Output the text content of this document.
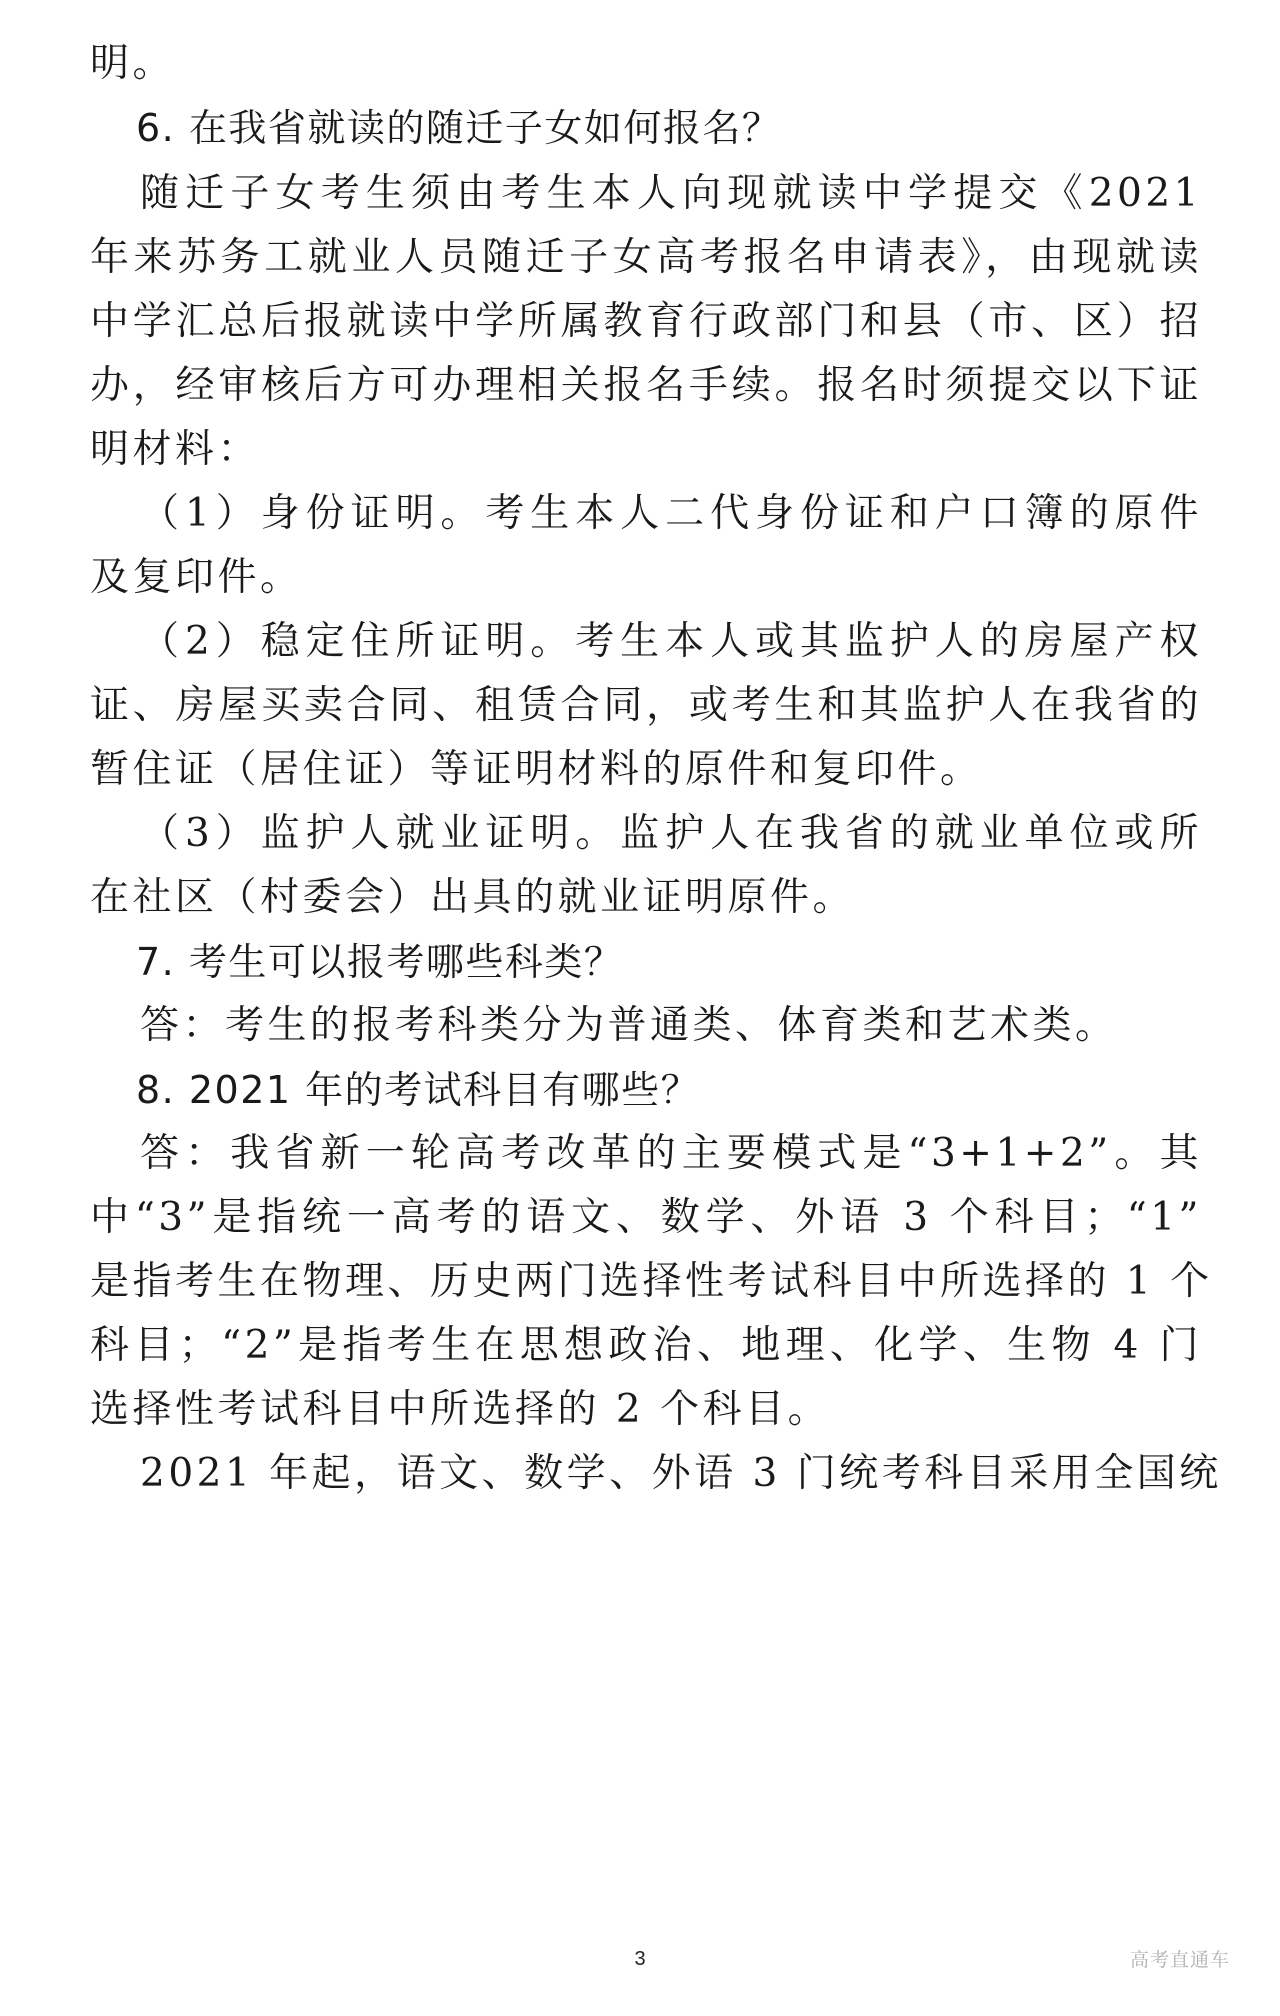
明。
6. 在我省就读的随迁子女如何报名？
随迁子女考生须由考生本人向现就读中学提交《2021
年来苏务工就业人员随迁子女高考报名申请表》，由现就读
中学汇总后报就读中学所属教育行政部门和县（市、区）招
办，经审核后方可办理相关报名手续。报名时须提交以下证
明材料：
（1）身份证明。考生本人二代身份证和户口簿的原件
及复印件。
（2）稳定住所证明。考生本人或其监护人的房屋产权
证、房屋买卖合同、租赁合同，或考生和其监护人在我省的
暂住证（居住证）等证明材料的原件和复印件。
（3）监护人就业证明。监护人在我省的就业单位或所
在社区（村委会）出具的就业证明原件。
7. 考生可以报考哪些科类？
答：考生的报考科类分为普通类、体育类和艺术类。
8. 2021 年的考试科目有哪些？
答：我省新一轮高考改革的主要模式是“3+1+2”。其
中“3”是指统一高考的语文、数学、外语 3 个科目；“1”
是指考生在物理、历史两门选择性考试科目中所选择的 1 个
科目；“2”是指考生在思想政治、地理、化学、生物 4 门
选择性考试科目中所选择的 2 个科目。
2021 年起，语文、数学、外语 3 门统考科目采用全国统
3	高考直通车
